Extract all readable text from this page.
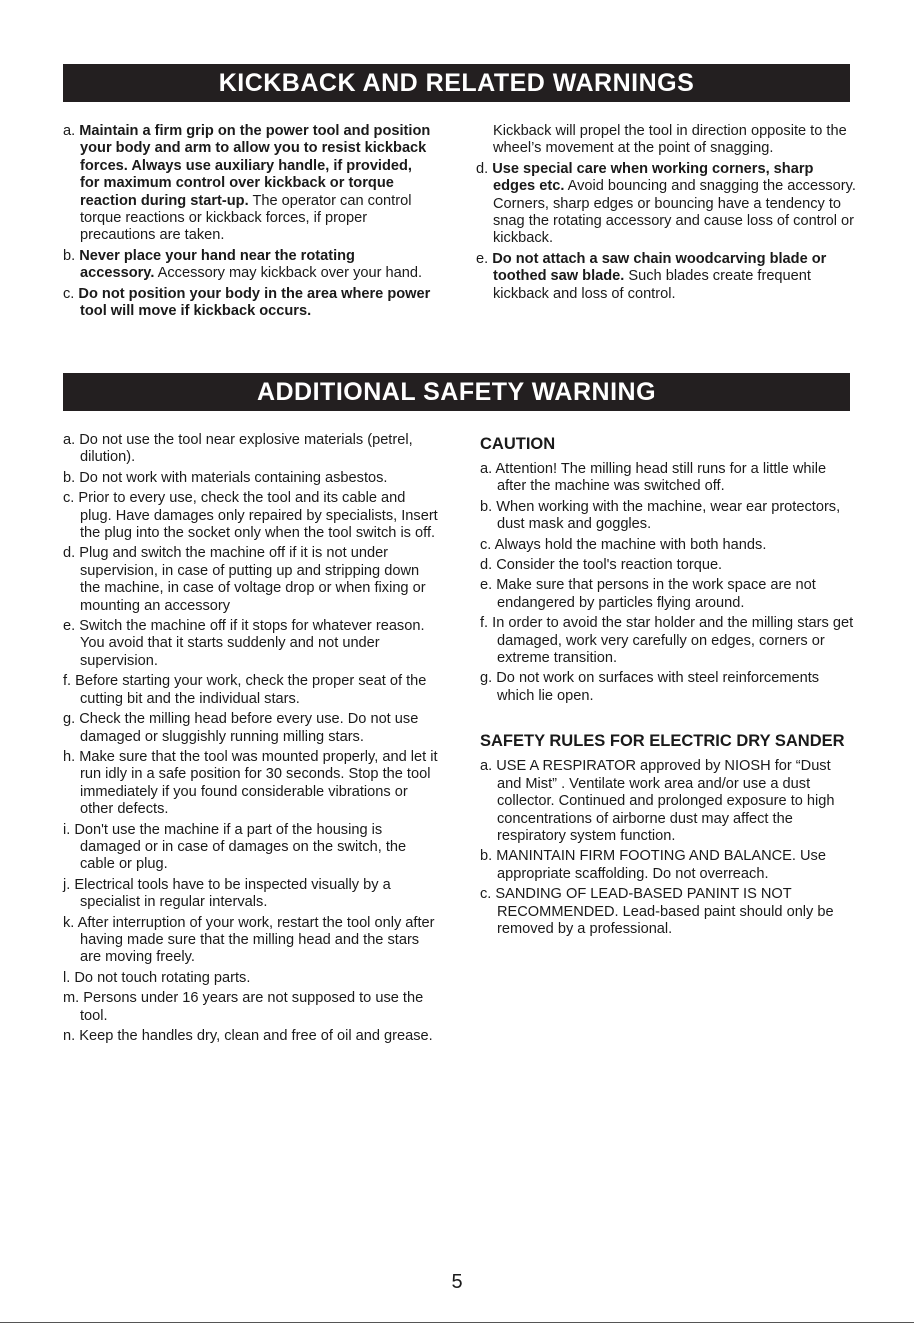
KICKBACK AND RELATED WARNINGS

a. Maintain a firm grip on the power tool and position your body and arm to allow you to resist kickback forces. Always use auxiliary handle, if provided, for maximum control over kickback or torque reaction during start-up. The operator can control torque reactions or kickback forces, if proper precautions are taken.

b. Never place your hand near the rotating accessory. Accessory may kickback over your hand.

c. Do not position your body in the area where power tool will move if kickback occurs.

Kickback will propel the tool in direction opposite to the wheel’s movement at the point of snagging.

d. Use special care when working corners, sharp edges etc. Avoid bouncing and snagging the accessory. Corners, sharp edges or bouncing have a tendency to snag the rotating accessory and cause loss of control or kickback.

e. Do not attach a saw chain woodcarving blade or toothed saw blade. Such blades create frequent kickback and loss of control.

ADDITIONAL SAFETY WARNING

a. Do not use the tool near explosive materials (petrel, dilution).

b. Do not work with materials containing asbestos.

c. Prior to every use, check the tool and its cable and plug. Have damages only repaired by specialists, Insert the plug into the socket only when the tool switch is off.

d. Plug and switch the machine off if it is not under supervision, in case of putting up and stripping down the machine, in case of voltage drop or when fixing or mounting an accessory

e. Switch the machine off if it stops for whatever reason. You avoid that it starts suddenly and not under supervision.

f. Before starting your work, check the proper seat of the cutting bit and the individual stars.

g. Check the milling head before every use. Do not use damaged or sluggishly running milling stars.

h. Make sure that the tool was mounted properly, and let it run idly in a safe position for 30 seconds. Stop the tool immediately if you found considerable vibrations or other defects.

i. Don't use the machine if a part of the housing is damaged or in case of damages on the switch, the cable or plug.

j. Electrical tools have to be inspected visually by a specialist in regular intervals.

k. After interruption of your work, restart the tool only after having made sure that the milling head and the stars are moving freely.

l. Do not touch rotating parts.

m. Persons under 16 years are not supposed to use the tool.

n. Keep the handles dry, clean and free of oil and grease.

CAUTION

a. Attention! The milling head still runs for a little while after the machine was switched off.

b. When working with the machine, wear ear protectors, dust mask and goggles.

c. Always hold the machine with both hands.

d. Consider the tool's reaction torque.

e. Make sure that persons in the work space are not endangered by particles flying around.

f. In order to avoid the star holder and the milling stars get damaged, work very carefully on edges, corners or extreme transition.

g. Do not work on surfaces with steel reinforcements which lie open.

SAFETY RULES FOR ELECTRIC DRY SANDER

a. USE A RESPIRATOR approved by NIOSH for “Dust and Mist” . Ventilate work area and/or use a dust collector. Continued and prolonged exposure to high concentrations of airborne dust may affect the respiratory system function.

b. MANINTAIN FIRM FOOTING AND BALANCE. Use appropriate scaffolding. Do not overreach.

c. SANDING OF LEAD-BASED PANINT IS NOT RECOMMENDED. Lead-based paint should only be removed by a professional.

5
